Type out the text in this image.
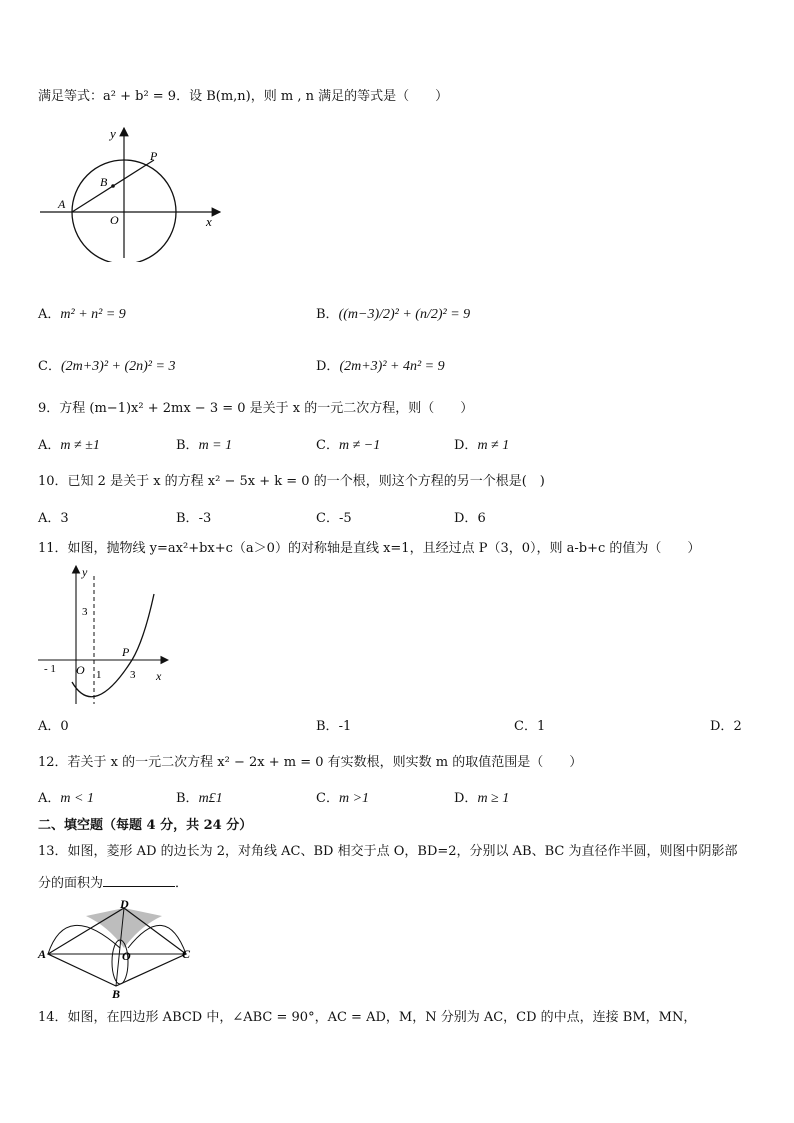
满足等式：a² + b² = 9．设 B(m,n)，则 m , n 满足的等式是（　　）
y
x
O
A
B
P
A．m² + n² = 9	B．((m−3)/2)² + (n/2)² = 9
C．(2m+3)² + (2n)² = 3	D．(2m+3)² + 4n² = 9
9．方程 (m−1)x² + 2mx − 3 = 0 是关于 x 的一元二次方程，则（　　）
A．m ≠ ±1	B．m = 1	C．m ≠ −1	D．m ≠ 1
10．已知 2 是关于 x 的方程 x² − 5x + k = 0 的一个根，则这个方程的另一个根是(　)
A．3	B．-3	C．-5	D．6
11．如图，抛物线 y=ax²+bx+c（a＞0）的对称轴是直线 x=1，且经过点 P（3，0），则 a-b+c 的值为（　　）
y
x
O
- 1	1	3
3
P
A．0	B．-1	C．1	D．2
12．若关于 x 的一元二次方程 x² − 2x + m = 0 有实数根，则实数 m 的取值范围是（　　）
A．m < 1	B．m£1	C．m >1	D．m ≥ 1
二、填空题（每题 4 分，共 24 分）
13．如图，菱形 AD 的边长为 2，对角线 AC、BD 相交于点 O，BD=2，分别以 AB、BC 为直径作半圆，则图中阴影部
分的面积为	．
D
A	O	C
B
14．如图，在四边形 ABCD 中，∠ABC = 90°，AC = AD，M，N 分别为 AC，CD 的中点，连接 BM，MN，
